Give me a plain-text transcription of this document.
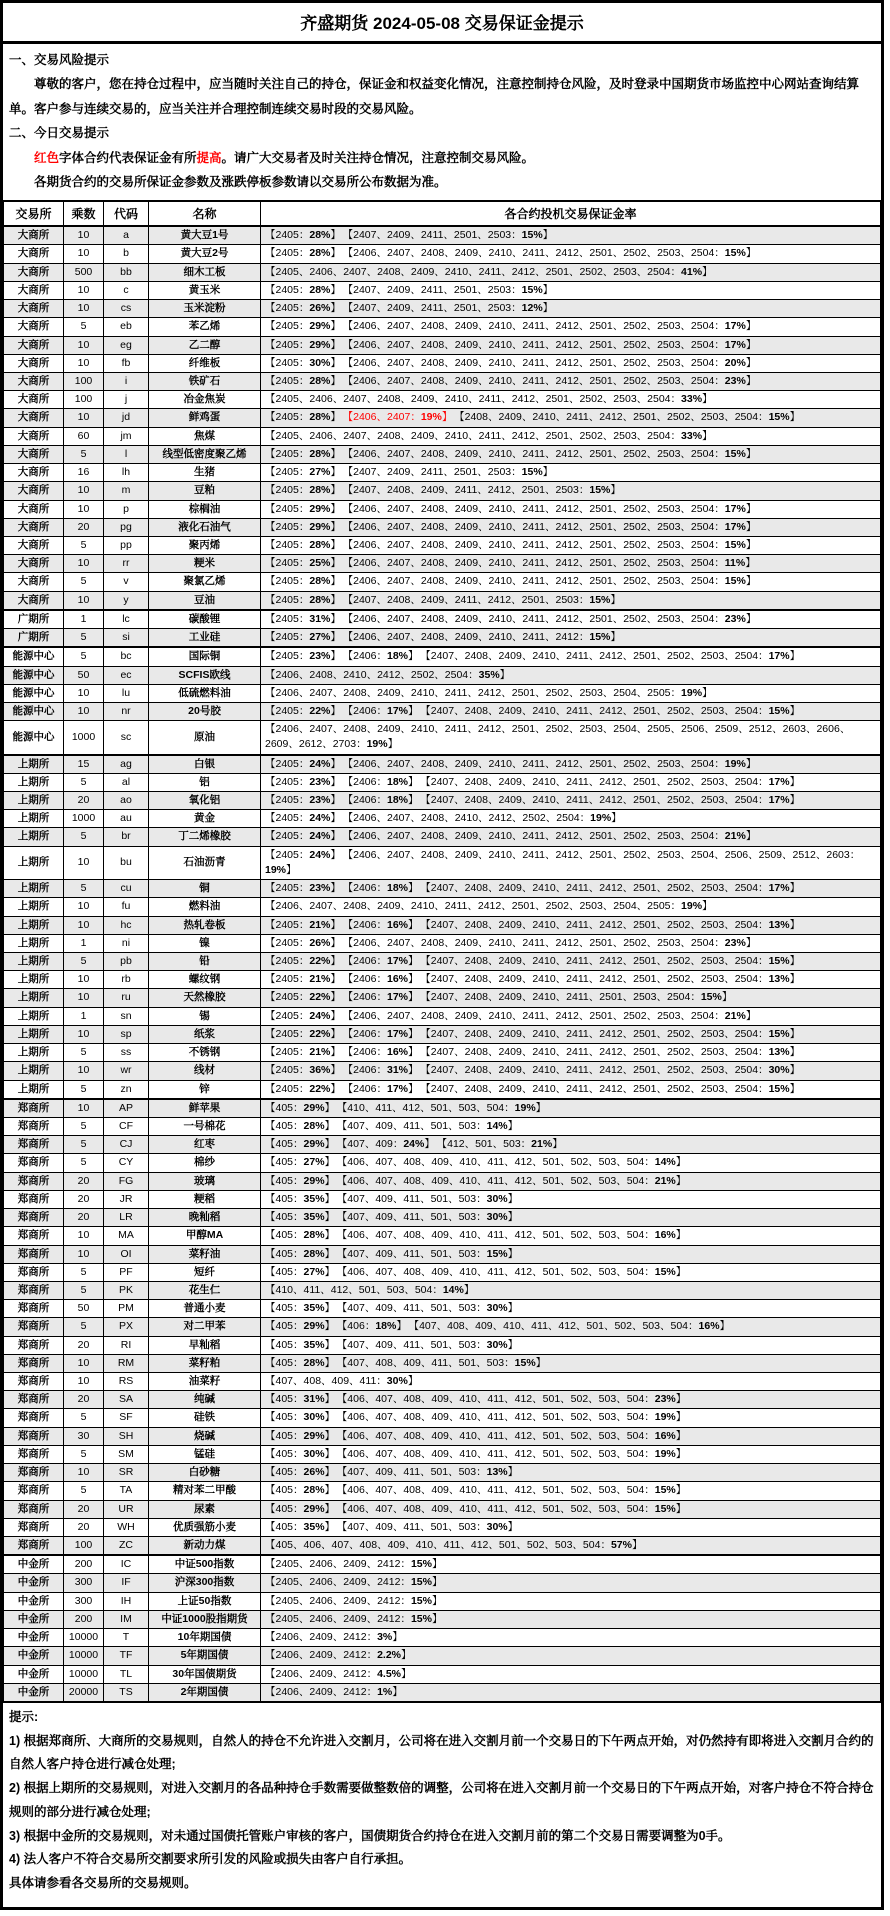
齐盛期货 2024-05-08 交易保证金提示

一、交易风险提示

尊敬的客户，您在持仓过程中，应当随时关注自己的持仓，保证金和权益变化情况，注意控制持仓风险，及时登录中国期货市场监控中心网站查询结算单。客户参与连续交易的，应当关注并合理控制连续交易时段的交易风险。

二、今日交易提示

红色字体合约代表保证金有所提高。请广大交易者及时关注持仓情况，注意控制交易风险。

各期货合约的交易所保证金参数及涨跌停板参数请以交易所公布数据为准。

交易所	乘数	代码	名称	各合约投机交易保证金率
大商所	10	a	黄大豆1号	【2405：28%】 【2407、2409、2411、2501、2503：15%】
大商所	10	b	黄大豆2号	【2405：28%】 【2406、2407、2408、2409、2410、2411、2412、2501、2502、2503、2504：15%】
大商所	500	bb	细木工板	【2405、2406、2407、2408、2409、2410、2411、2412、2501、2502、2503、2504：41%】
大商所	10	c	黄玉米	【2405：28%】 【2407、2409、2411、2501、2503：15%】
大商所	10	cs	玉米淀粉	【2405：26%】 【2407、2409、2411、2501、2503：12%】
大商所	5	eb	苯乙烯	【2405：29%】 【2406、2407、2408、2409、2410、2411、2412、2501、2502、2503、2504：17%】
大商所	10	eg	乙二醇	【2405：29%】 【2406、2407、2408、2409、2410、2411、2412、2501、2502、2503、2504：17%】
大商所	10	fb	纤维板	【2405：30%】 【2406、2407、2408、2409、2410、2411、2412、2501、2502、2503、2504：20%】
大商所	100	i	铁矿石	【2405：28%】 【2406、2407、2408、2409、2410、2411、2412、2501、2502、2503、2504：23%】
大商所	100	j	冶金焦炭	【2405、2406、2407、2408、2409、2410、2411、2412、2501、2502、2503、2504：33%】
大商所	10	jd	鲜鸡蛋	【2405：28%】 【2406、2407：19%】 【2408、2409、2410、2411、2412、2501、2502、2503、2504：15%】
大商所	60	jm	焦煤	【2405、2406、2407、2408、2409、2410、2411、2412、2501、2502、2503、2504：33%】
大商所	5	l	线型低密度聚乙烯	【2405：28%】 【2406、2407、2408、2409、2410、2411、2412、2501、2502、2503、2504：15%】
大商所	16	lh	生猪	【2405：27%】 【2407、2409、2411、2501、2503：15%】
大商所	10	m	豆粕	【2405：28%】 【2407、2408、2409、2411、2412、2501、2503：15%】
大商所	10	p	棕榈油	【2405：29%】 【2406、2407、2408、2409、2410、2411、2412、2501、2502、2503、2504：17%】
大商所	20	pg	液化石油气	【2405：29%】 【2406、2407、2408、2409、2410、2411、2412、2501、2502、2503、2504：17%】
大商所	5	pp	聚丙烯	【2405：28%】 【2406、2407、2408、2409、2410、2411、2412、2501、2502、2503、2504：15%】
大商所	10	rr	粳米	【2405：25%】 【2406、2407、2408、2409、2410、2411、2412、2501、2502、2503、2504：11%】
大商所	5	v	聚氯乙烯	【2405：28%】 【2406、2407、2408、2409、2410、2411、2412、2501、2502、2503、2504：15%】
大商所	10	y	豆油	【2405：28%】 【2407、2408、2409、2411、2412、2501、2503：15%】
广期所	1	lc	碳酸锂	【2405：31%】 【2406、2407、2408、2409、2410、2411、2412、2501、2502、2503、2504：23%】
广期所	5	si	工业硅	【2405：27%】 【2406、2407、2408、2409、2410、2411、2412：15%】
能源中心	5	bc	国际铜	【2405：23%】 【2406：18%】 【2407、2408、2409、2410、2411、2412、2501、2502、2503、2504：17%】
能源中心	50	ec	SCFIS欧线	【2406、2408、2410、2412、2502、2504：35%】
能源中心	10	lu	低硫燃料油	【2406、2407、2408、2409、2410、2411、2412、2501、2502、2503、2504、2505：19%】
能源中心	10	nr	20号胶	【2405：22%】 【2406：17%】 【2407、2408、2409、2410、2411、2412、2501、2502、2503、2504：15%】
能源中心	1000	sc	原油	【2406、2407、2408、2409、2410、2411、2412、2501、2502、2503、2504、2505、2506、2509、2512、2603、2606、2609、2612、2703：19%】
上期所	15	ag	白银	【2405：24%】 【2406、2407、2408、2409、2410、2411、2412、2501、2502、2503、2504：19%】
上期所	5	al	铝	【2405：23%】 【2406：18%】 【2407、2408、2409、2410、2411、2412、2501、2502、2503、2504：17%】
上期所	20	ao	氧化铝	【2405：23%】 【2406：18%】 【2407、2408、2409、2410、2411、2412、2501、2502、2503、2504：17%】
上期所	1000	au	黄金	【2405：24%】 【2406、2407、2408、2410、2412、2502、2504：19%】
上期所	5	br	丁二烯橡胶	【2405：24%】 【2406、2407、2408、2409、2410、2411、2412、2501、2502、2503、2504：21%】
上期所	10	bu	石油沥青	【2405：24%】 【2406、2407、2408、2409、2410、2411、2412、2501、2502、2503、2504、2506、2509、2512、2603：19%】
上期所	5	cu	铜	【2405：23%】 【2406：18%】 【2407、2408、2409、2410、2411、2412、2501、2502、2503、2504：17%】
上期所	10	fu	燃料油	【2406、2407、2408、2409、2410、2411、2412、2501、2502、2503、2504、2505：19%】
上期所	10	hc	热轧卷板	【2405：21%】 【2406：16%】 【2407、2408、2409、2410、2411、2412、2501、2502、2503、2504：13%】
上期所	1	ni	镍	【2405：26%】 【2406、2407、2408、2409、2410、2411、2412、2501、2502、2503、2504：23%】
上期所	5	pb	铅	【2405：22%】 【2406：17%】 【2407、2408、2409、2410、2411、2412、2501、2502、2503、2504：15%】
上期所	10	rb	螺纹钢	【2405：21%】 【2406：16%】 【2407、2408、2409、2410、2411、2412、2501、2502、2503、2504：13%】
上期所	10	ru	天然橡胶	【2405：22%】 【2406：17%】 【2407、2408、2409、2410、2411、2501、2503、2504：15%】
上期所	1	sn	锡	【2405：24%】 【2406、2407、2408、2409、2410、2411、2412、2501、2502、2503、2504：21%】
上期所	10	sp	纸浆	【2405：22%】 【2406：17%】 【2407、2408、2409、2410、2411、2412、2501、2502、2503、2504：15%】
上期所	5	ss	不锈钢	【2405：21%】 【2406：16%】 【2407、2408、2409、2410、2411、2412、2501、2502、2503、2504：13%】
上期所	10	wr	线材	【2405：36%】 【2406：31%】 【2407、2408、2409、2410、2411、2412、2501、2502、2503、2504：30%】
上期所	5	zn	锌	【2405：22%】 【2406：17%】 【2407、2408、2409、2410、2411、2412、2501、2502、2503、2504：15%】
郑商所	10	AP	鲜苹果	【405：29%】 【410、411、412、501、503、504：19%】
郑商所	5	CF	一号棉花	【405：28%】 【407、409、411、501、503：14%】
郑商所	5	CJ	红枣	【405：29%】 【407、409：24%】 【412、501、503：21%】
郑商所	5	CY	棉纱	【405：27%】 【406、407、408、409、410、411、412、501、502、503、504：14%】
郑商所	20	FG	玻璃	【405：29%】 【406、407、408、409、410、411、412、501、502、503、504：21%】
郑商所	20	JR	粳稻	【405：35%】 【407、409、411、501、503：30%】
郑商所	20	LR	晚籼稻	【405：35%】 【407、409、411、501、503：30%】
郑商所	10	MA	甲醇MA	【405：28%】 【406、407、408、409、410、411、412、501、502、503、504：16%】
郑商所	10	OI	菜籽油	【405：28%】 【407、409、411、501、503：15%】
郑商所	5	PF	短纤	【405：27%】 【406、407、408、409、410、411、412、501、502、503、504：15%】
郑商所	5	PK	花生仁	【410、411、412、501、503、504：14%】
郑商所	50	PM	普通小麦	【405：35%】 【407、409、411、501、503：30%】
郑商所	5	PX	对二甲苯	【405：29%】 【406：18%】 【407、408、409、410、411、412、501、502、503、504：16%】
郑商所	20	RI	早籼稻	【405：35%】 【407、409、411、501、503：30%】
郑商所	10	RM	菜籽粕	【405：28%】 【407、408、409、411、501、503：15%】
郑商所	10	RS	油菜籽	【407、408、409、411：30%】
郑商所	20	SA	纯碱	【405：31%】 【406、407、408、409、410、411、412、501、502、503、504：23%】
郑商所	5	SF	硅铁	【405：30%】 【406、407、408、409、410、411、412、501、502、503、504：19%】
郑商所	30	SH	烧碱	【405：29%】 【406、407、408、409、410、411、412、501、502、503、504：16%】
郑商所	5	SM	锰硅	【405：30%】 【406、407、408、409、410、411、412、501、502、503、504：19%】
郑商所	10	SR	白砂糖	【405：26%】 【407、409、411、501、503：13%】
郑商所	5	TA	精对苯二甲酸	【405：28%】 【406、407、408、409、410、411、412、501、502、503、504：15%】
郑商所	20	UR	尿素	【405：29%】 【406、407、408、409、410、411、412、501、502、503、504：15%】
郑商所	20	WH	优质强筋小麦	【405：35%】 【407、409、411、501、503：30%】
郑商所	100	ZC	新动力煤	【405、406、407、408、409、410、411、412、501、502、503、504：57%】
中金所	200	IC	中证500指数	【2405、2406、2409、2412：15%】
中金所	300	IF	沪深300指数	【2405、2406、2409、2412：15%】
中金所	300	IH	上证50指数	【2405、2406、2409、2412：15%】
中金所	200	IM	中证1000股指期货	【2405、2406、2409、2412：15%】
中金所	10000	T	10年期国债	【2406、2409、2412：3%】
中金所	10000	TF	5年期国债	【2406、2409、2412：2.2%】
中金所	10000	TL	30年国债期货	【2406、2409、2412：4.5%】
中金所	20000	TS	2年期国债	【2406、2409、2412：1%】

提示:

1) 根据郑商所、大商所的交易规则，自然人的持仓不允许进入交割月，公司将在进入交割月前一个交易日的下午两点开始，对仍然持有即将进入交割月合约的自然人客户持仓进行减仓处理;

2) 根据上期所的交易规则，对进入交割月的各品种持仓手数需要做整数倍的调整，公司将在进入交割月前一个交易日的下午两点开始，对客户持仓不符合持仓规则的部分进行减仓处理;

3) 根据中金所的交易规则，对未通过国债托管账户审核的客户，国债期货合约持仓在进入交割月前的第二个交易日需要调整为0手。

4) 法人客户不符合交易所交割要求所引发的风险或损失由客户自行承担。

具体请参看各交易所的交易规则。
